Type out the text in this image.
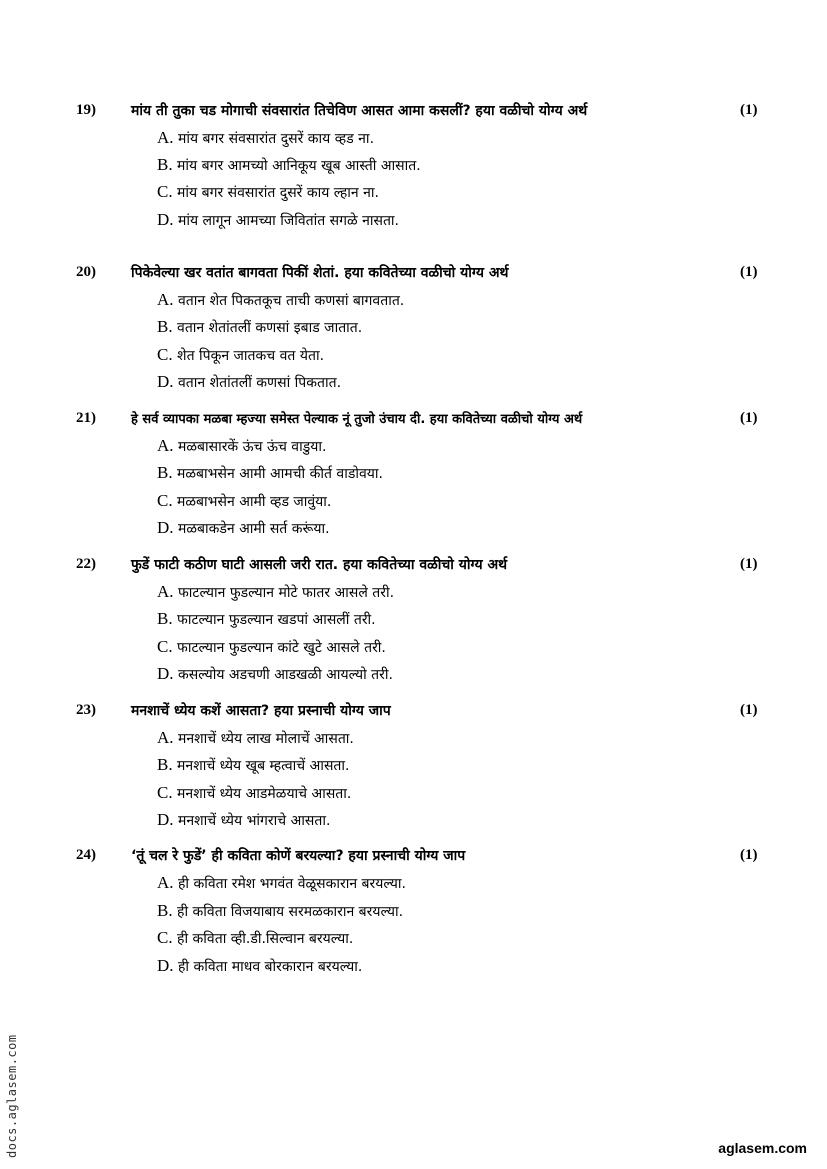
19)	मांय ती तुका चड मोगाची संवसारांत तिचेविण आसत आमा कसलीं? हया वळीचो योग्य अर्थ	(1)
A. मांय बगर संवसारांत दुसरें काय व्हड ना.
B. मांय बगर आमच्यो आनिकूय खूब आस्ती आसात.
C. मांय बगर संवसारांत दुसरें काय ल्हान ना.
D. मांय लागून आमच्या जिवितांत सगळे नासता.
20)	पिकेवेल्या खर वतांत बागवता पिकीं शेतां. हया कवितेच्या वळीचो योग्य अर्थ	(1)
A. वतान शेत पिकतकूच ताची कणसां बागवतात.
B. वतान शेतांतलीं कणसां इबाड जातात.
C. शेत पिकून जातकच वत येता.
D. वतान शेतांतलीं कणसां पिकतात.
21)	हे सर्व व्यापका मळबा म्हज्या समेस्त पेल्याक नूं तुजो उंचाय दी. हया कवितेच्या वळीचो योग्य अर्थ	(1)
A. मळबासारकें ऊंच ऊंच वाडुया.
B. मळबाभसेन आमी आमची कीर्त वाडोवया.
C. मळबाभसेन आमी व्हड जावुंया.
D. मळबाकडेन आमी सर्त करूंया.
22)	फुडें फाटी कठीण घाटी आसली जरी रात. हया कवितेच्या वळीचो योग्य अर्थ	(1)
A. फाटल्यान फुडल्यान मोटे फातर आसले तरी.
B. फाटल्यान फुडल्यान खडपां आसलीं तरी.
C. फाटल्यान फुडल्यान कांटे खुटे आसले तरी.
D. कसल्योय अडचणी आडखळी आयल्यो तरी.
23)	मनशाचें ध्येय कशें आसता? हया प्रस्नाची योग्य जाप	(1)
A. मनशाचें ध्येय लाख मोलाचें आसता.
B. मनशाचें ध्येय खूब म्हत्वाचें आसता.
C. मनशाचें ध्येय आडमेळयाचे आसता.
D. मनशाचें ध्येय भांगराचे आसता.
24)	‘तूं चल रे फुडें’ ही कविता कोणें बरयल्या? हया प्रस्नाची योग्य जाप	(1)
A. ही कविता रमेश भगवंत वेळूसकारान बरयल्या.
B. ही कविता विजयाबाय सरमळकारान बरयल्या.
C. ही कविता व्ही.डी.सिल्वान बरयल्या.
D. ही कविता माधव बोरकारान बरयल्या.
docs.aglasem.com	aglasem.com
